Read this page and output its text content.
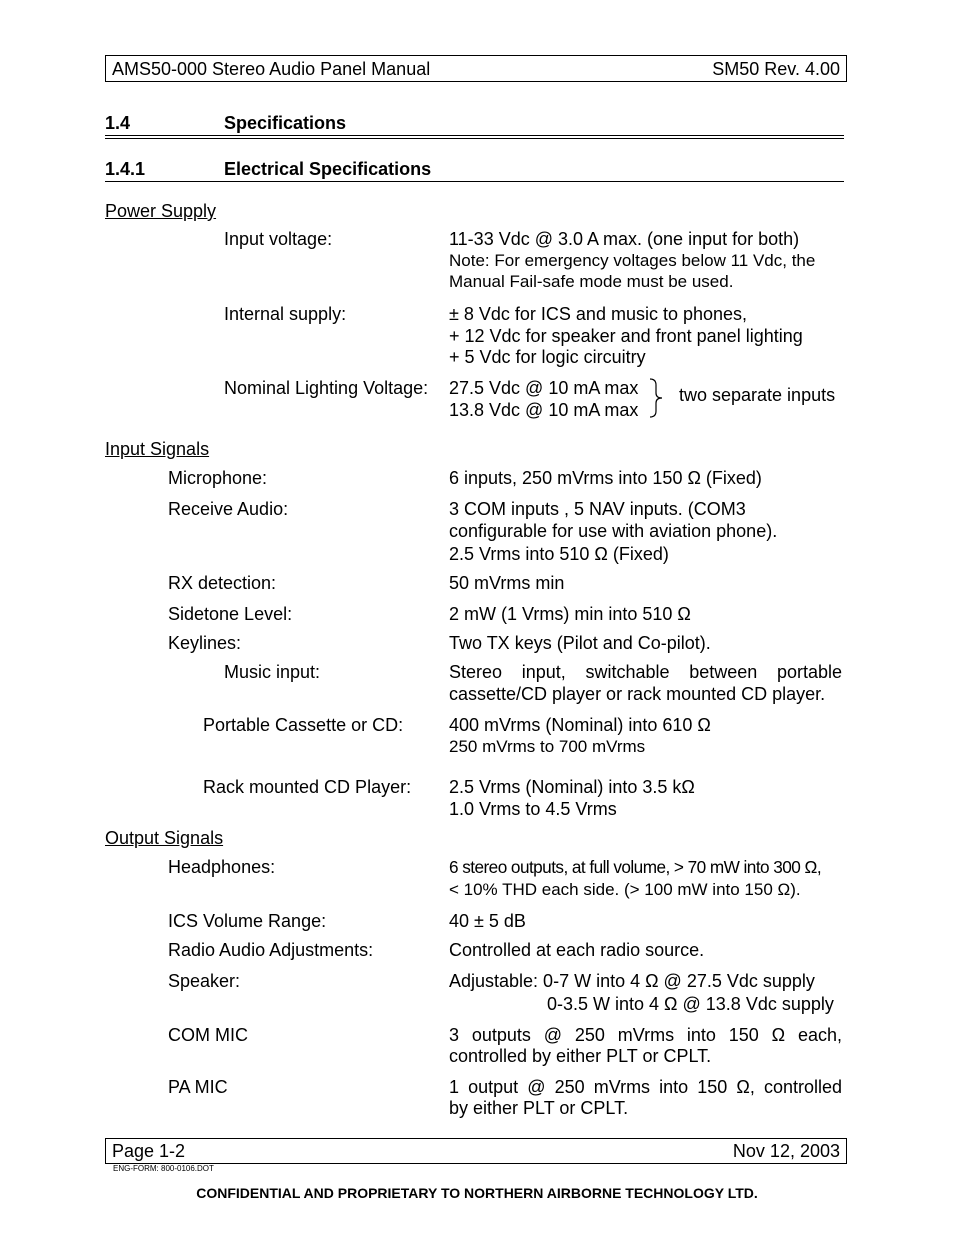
AMS50-000 Stereo Audio Panel Manual	SM50 Rev. 4.00
1.4	Specifications
1.4.1	Electrical Specifications
Power Supply
Input voltage:	11-33 Vdc @ 3.0 A max. (one input for both)
Note: For emergency voltages below 11 Vdc, the
Manual Fail-safe mode must be used.
Internal supply:	± 8 Vdc for ICS and music to phones,
+ 12 Vdc for speaker and front panel lighting
+ 5 Vdc for logic circuitry
Nominal Lighting Voltage: 27.5 Vdc @ 10 mA max
13.8 Vdc @ 10 mA max
two separate inputs
Input Signals
Microphone:	6 inputs, 250 mVrms into 150 Ω (Fixed)
Receive Audio:	3 COM inputs , 5 NAV inputs. (COM3
configurable for use with aviation phone).
2.5 Vrms into 510 Ω (Fixed)
RX detection:	50 mVrms min
Sidetone Level:	2 mW (1 Vrms) min into 510 Ω
Keylines:	Two TX keys (Pilot and Co-pilot).
Music input:	Stereo input, switchable between portable
cassette/CD player or rack mounted CD player.
Portable Cassette or CD:	400 mVrms (Nominal) into 610 Ω
250 mVrms to 700 mVrms
Rack mounted CD Player: 2.5 Vrms (Nominal) into 3.5 kΩ
1.0 Vrms to 4.5 Vrms
Output Signals
Headphones:	6 stereo outputs, at full volume, > 70 mW into 300 Ω,
< 10% THD each side. (> 100 mW into 150 Ω).
ICS Volume Range:	40 ± 5 dB
Radio Audio Adjustments:	Controlled at each radio source.
Speaker:	Adjustable: 0-7 W into 4 Ω @ 27.5 Vdc supply
0-3.5 W into 4 Ω @ 13.8 Vdc supply
COM MIC	3 outputs @ 250 mVrms into 150 Ω each,
controlled by either PLT or CPLT.
PA MIC	1 output @ 250 mVrms into 150 Ω, controlled
by either PLT or CPLT.
Page 1-2	Nov 12, 2003
ENG-FORM: 800-0106.DOT
CONFIDENTIAL AND PROPRIETARY TO NORTHERN AIRBORNE TECHNOLOGY LTD.
